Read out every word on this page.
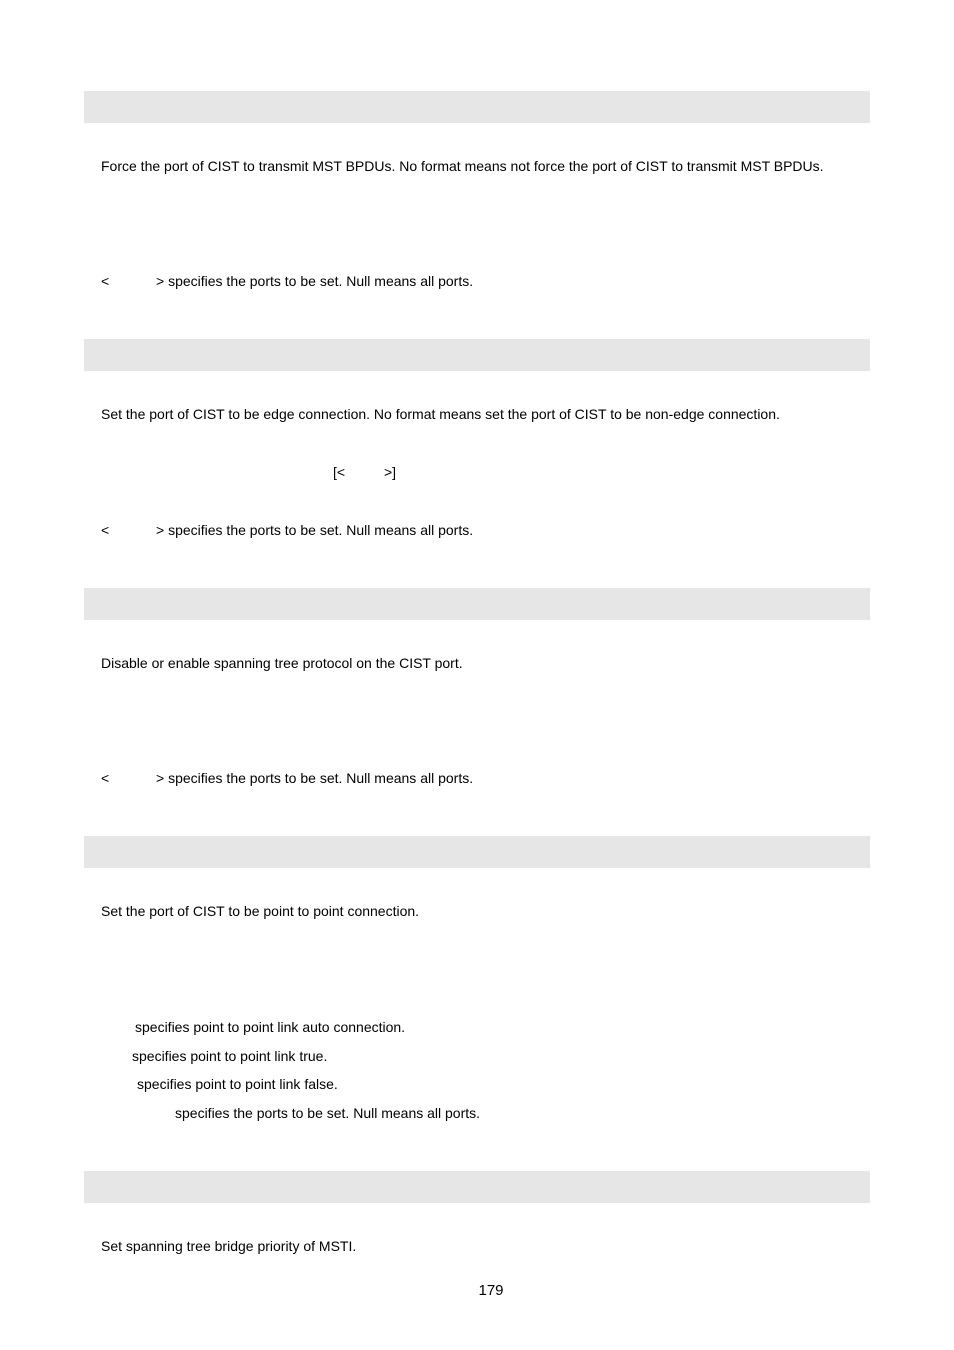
Force the port of CIST to transmit MST BPDUs. No format means not force the port of CIST to transmit MST BPDUs.
<	> specifies the ports to be set. Null means all ports.
Set the port of CIST to be edge connection. No format means set the port of CIST to be non-edge connection.
[<          >]
<	> specifies the ports to be set. Null means all ports.
Disable or enable spanning tree protocol on the CIST port.
<	> specifies the ports to be set. Null means all ports.
Set the port of CIST to be point to point connection.
specifies point to point link auto connection.
specifies point to point link true.
specifies point to point link false.
specifies the ports to be set. Null means all ports.
Set spanning tree bridge priority of MSTI.
179
